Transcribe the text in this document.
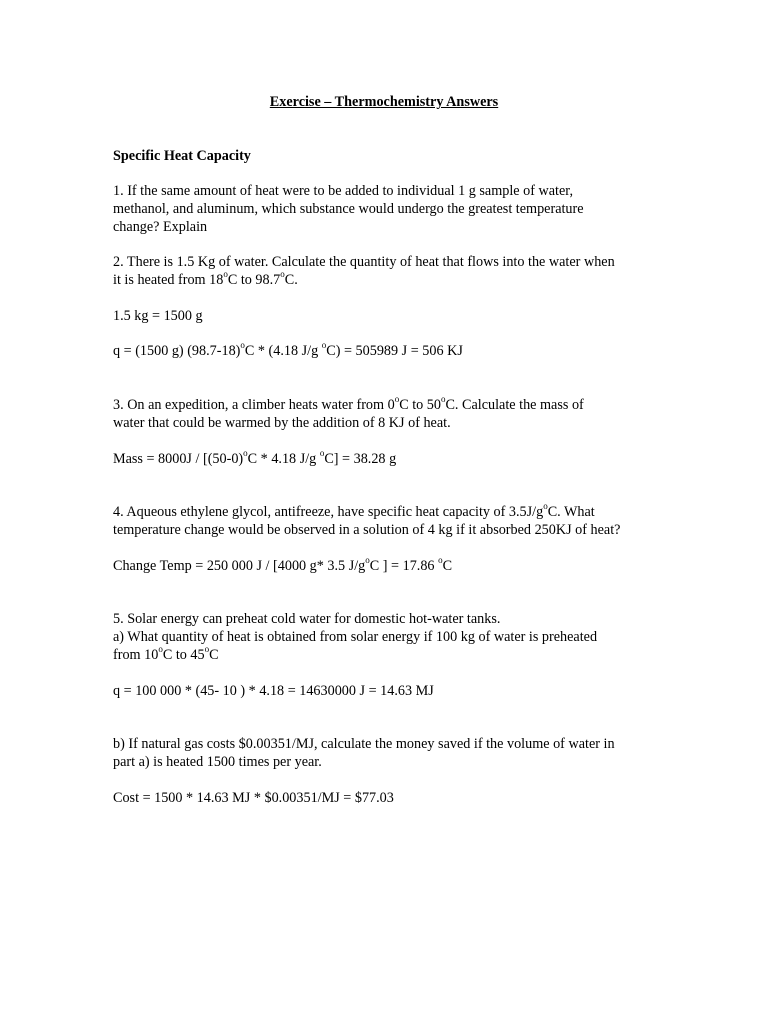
Exercise – Thermochemistry Answers
Specific Heat Capacity
1. If the same amount of heat were to be added to individual 1 g sample of water,
methanol, and aluminum, which substance would undergo the greatest temperature
change? Explain
2. There is 1.5 Kg of water. Calculate the quantity of heat that flows into the water when
it is heated from 18$^o$C to 98.7$^o$C.
1.5 kg = 1500 g
q = (1500 g) $(98.7-18)^oC * (4.18$ J/g $^o$C) = 505989 J = 506 KJ
3. On an expedition, a climber heats water from 0$^o$C to 50$^o$C. Calculate the mass of
water that could be warmed by the addition of 8 KJ of heat.
Mass = $8000J / [(50-0)^oC * 4.18$ J/g $^o$C] = 38.28 g
4. Aqueous ethylene glycol, antifreeze, have specific heat capacity of $3.5J/g^oC$. What
temperature change would be observed in a solution of 4 kg if it absorbed 250KJ of heat?
Change Temp = 250 000 J / [4000 g* 3.5 $J/g^oC$ ] = 17.86 $^o$C
5. Solar energy can preheat cold water for domestic hot-water tanks.
a) What quantity of heat is obtained from solar energy if 100 kg of water is preheated
from 10$^o$C to 45$^o$C
q = 100 000 * (45- 10 ) * 4.18 = 14630000 J = 14.63 MJ
b) If natural gas costs $0.00351/MJ, calculate the money saved if the volume of water in
part a) is heated 1500 times per year.
Cost = 1500 * 14.63 MJ * $0.00351/MJ = $77.03
